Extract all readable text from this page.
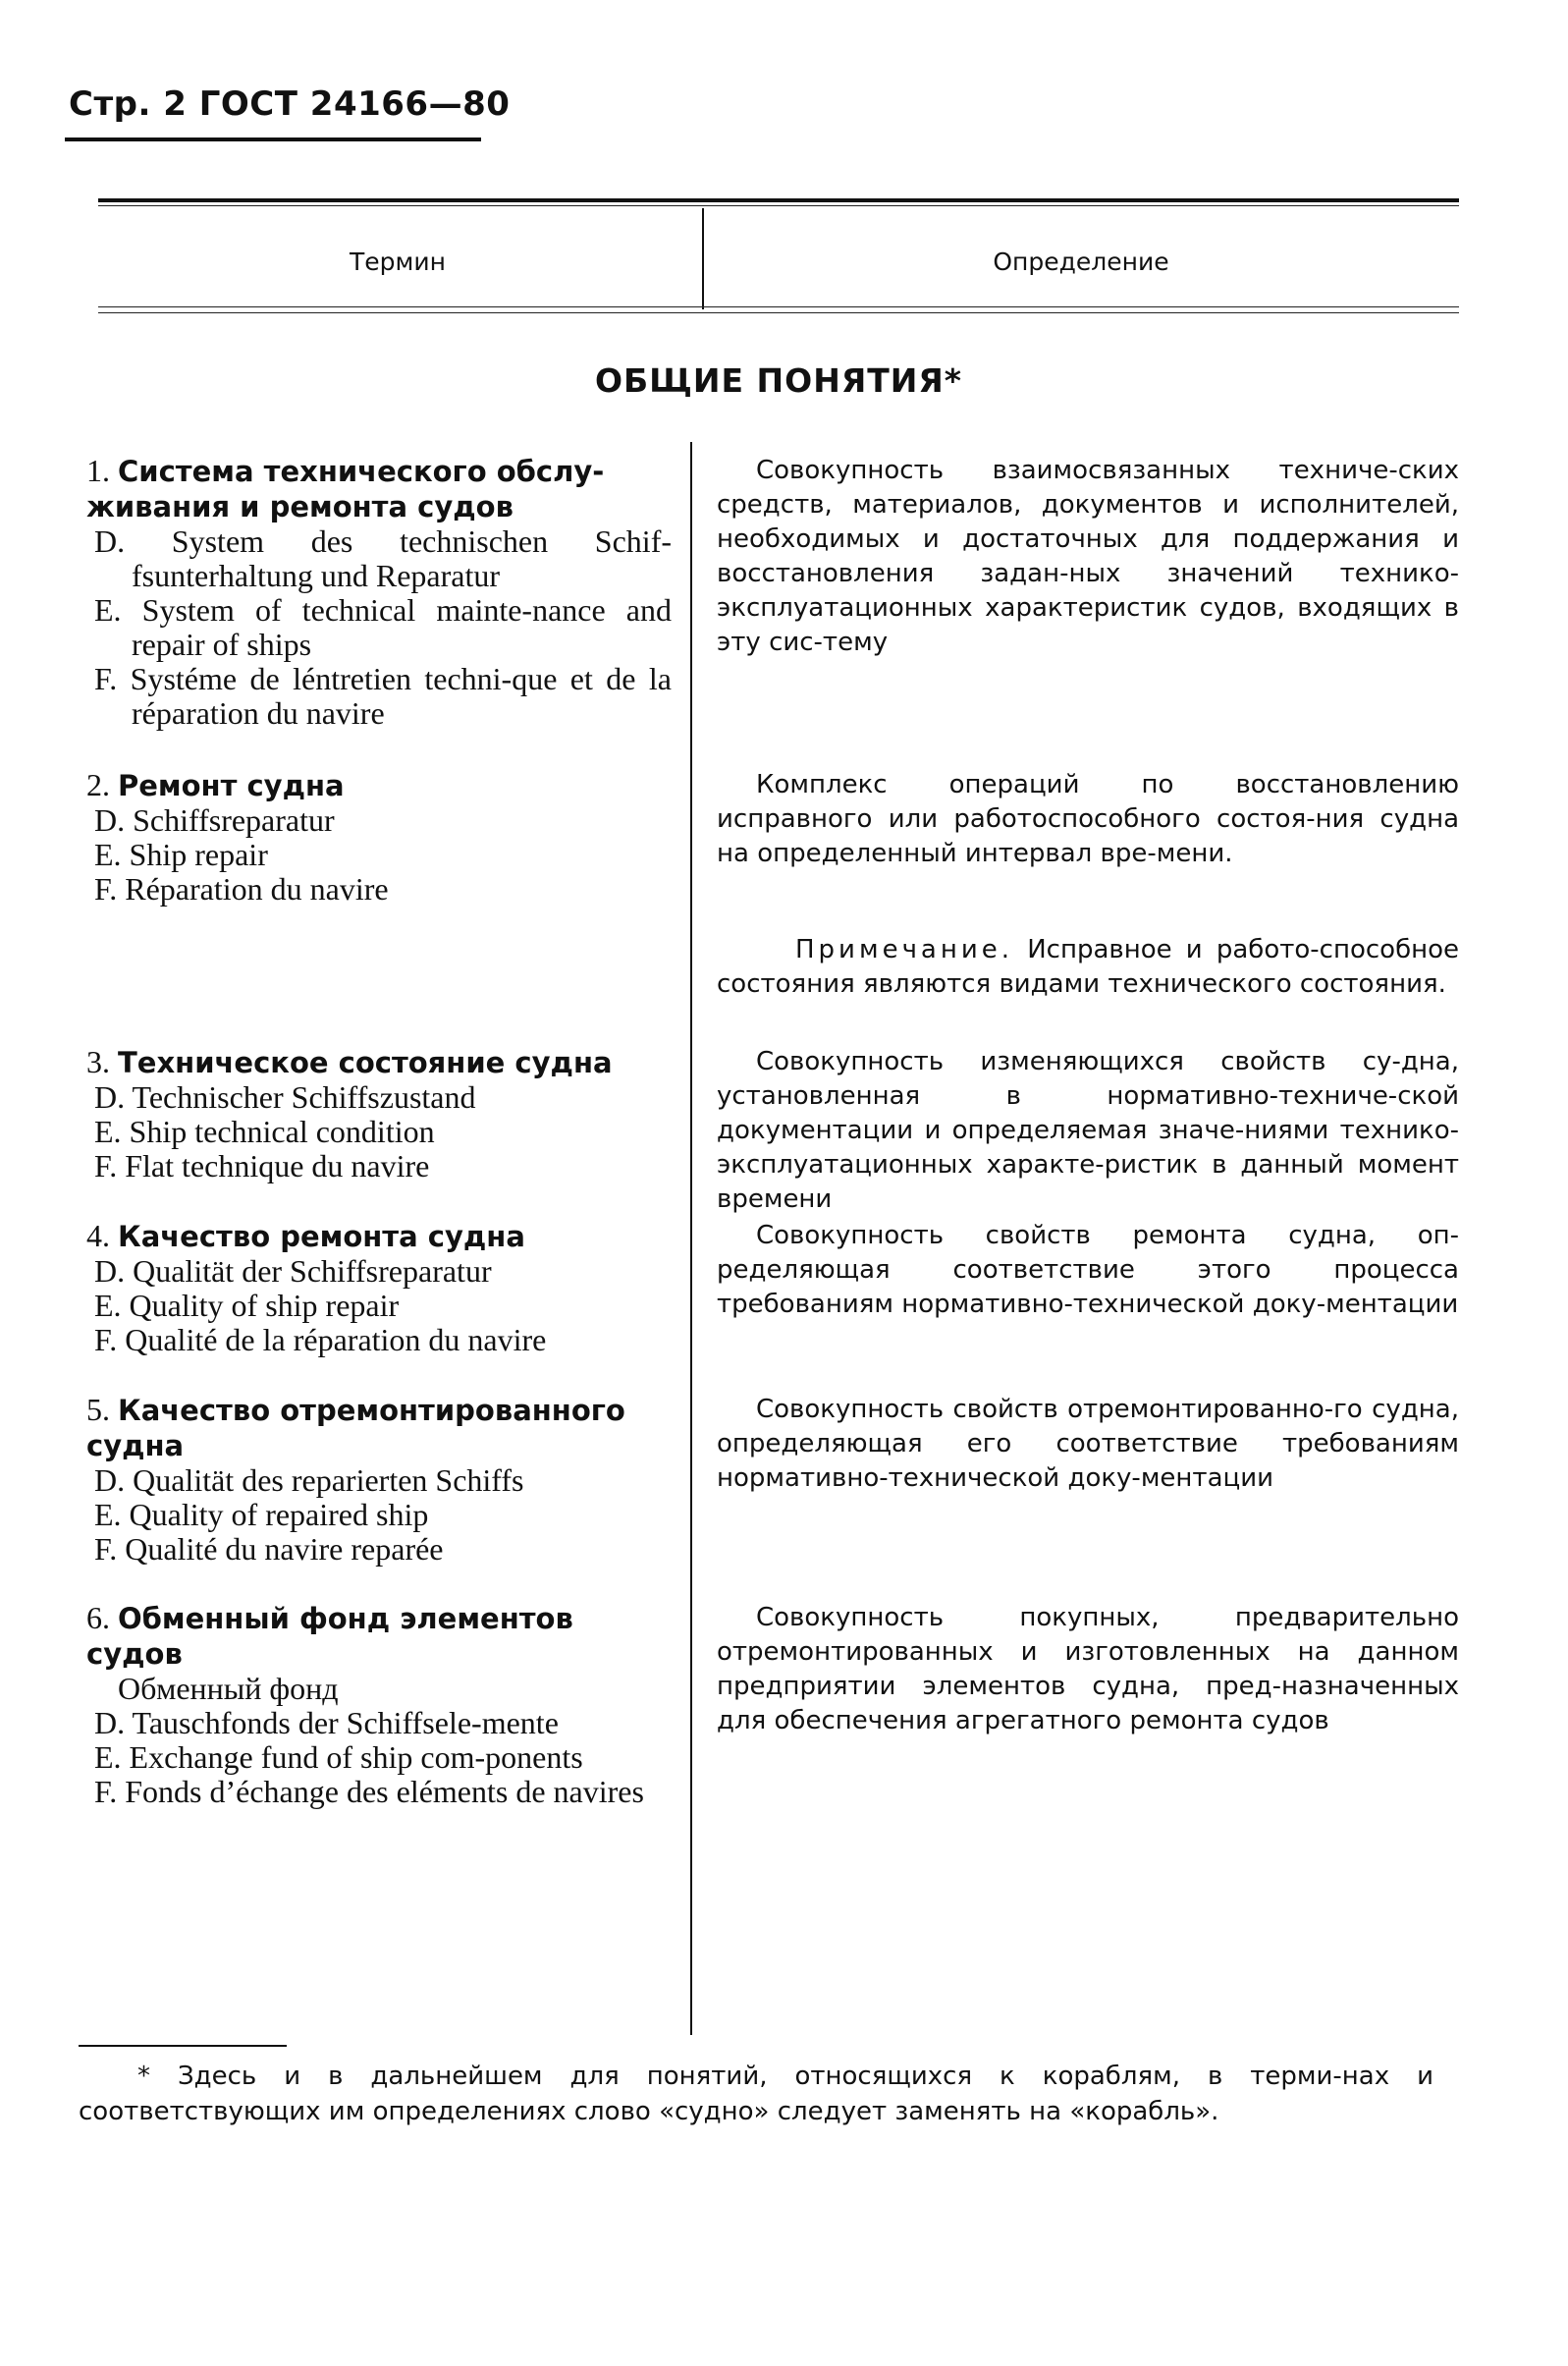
Стр. 2 ГОСТ 24166—80
Термин	Определение
ОБЩИЕ ПОНЯТИЯ*
1. Система технического обслу-
живания и ремонта судов
D. System des technischen Schif-fsunterhaltung und Reparatur
E. System of technical mainte-nance and repair of ships
F. Systéme de léntretien techni-que et de la réparation du navire
Совокупность взаимосвязанных техниче-ских средств, материалов, документов и исполнителей, необходимых и достаточных для поддержания и восстановления задан-ных значений технико-эксплуатационных характеристик судов, входящих в эту сис-тему
2. Ремонт судна
D. Schiffsreparatur
E. Ship repair
F. Réparation du navire
Комплекс операций по восстановлению исправного или работоспособного состоя-ния судна на определенный интервал вре-мени.
Примечание. Исправное и работо-способное состояния являются видами технического состояния.
3. Техническое состояние судна
D. Technischer Schiffszustand
E. Ship technical condition
F. Flat technique du navire
Совокупность изменяющихся свойств су-дна, установленная в нормативно-техниче-ской документации и определяемая значе-ниями технико-эксплуатационных характе-ристик в данный момент времени
4. Качество ремонта судна
D. Qualität der Schiffsreparatur
E. Quality of ship repair
F. Qualité de la réparation du navire
Совокупность свойств ремонта судна, оп-ределяющая соответствие этого процесса требованиям нормативно-технической доку-ментации
5. Качество отремонтированного
судна
D. Qualität des reparierten Schiffs
E. Quality of repaired ship
F. Qualité du navire reparée
Совокупность свойств отремонтированно-го судна, определяющая его соответствие требованиям нормативно-технической доку-ментации
6. Обменный фонд элементов
судов
Обменный фонд
D. Tauschfonds der Schiffsele-mente
E. Exchange fund of ship com-ponents
F. Fonds d’échange des eléments de navires
Совокупность покупных, предварительно отремонтированных и изготовленных на данном предприятии элементов судна, пред-назначенных для обеспечения агрегатного ремонта судов
* Здесь и в дальнейшем для понятий, относящихся к кораблям, в терми-нах и соответствующих им определениях слово «судно» следует заменять на «корабль».
